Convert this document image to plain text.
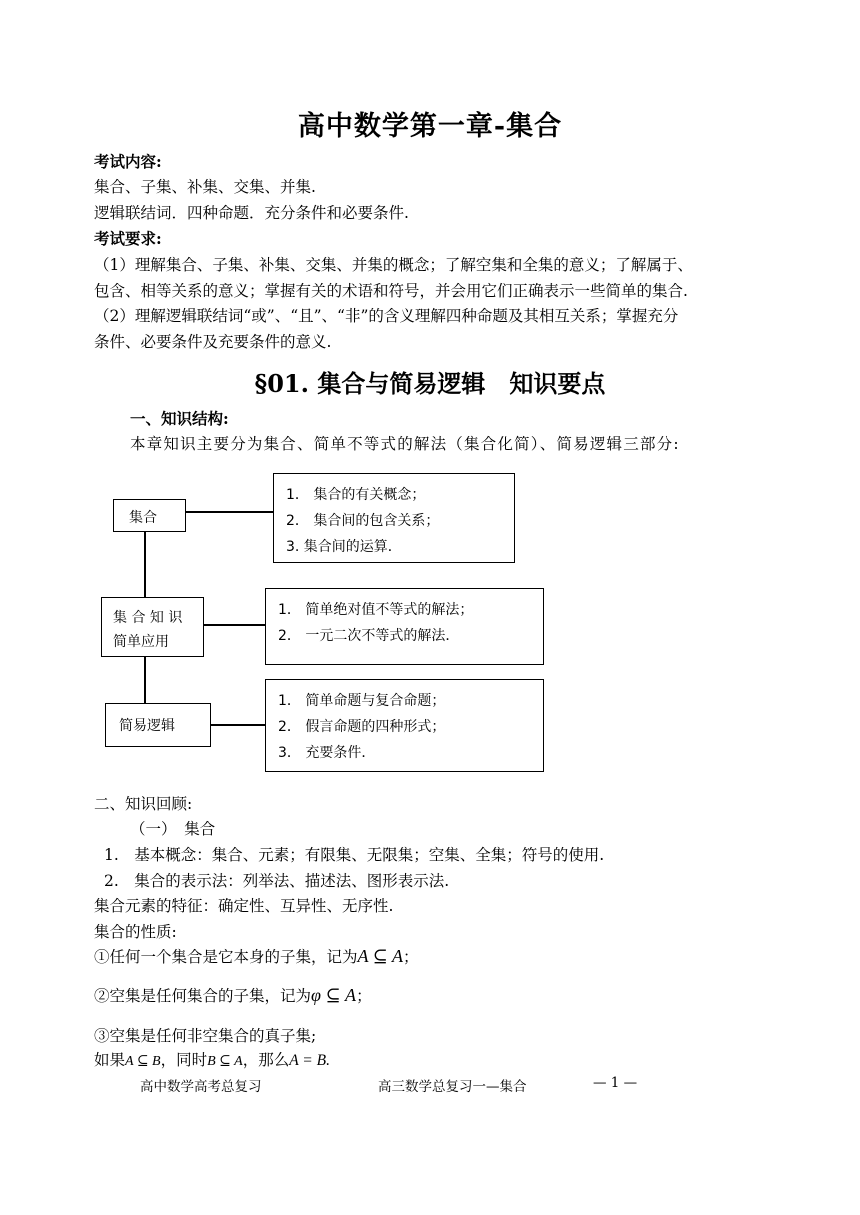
高中数学第一章-集合
考试内容:
集合、子集、补集、交集、并集.
逻辑联结词．四种命题．充分条件和必要条件.
考试要求:
（1）理解集合、子集、补集、交集、并集的概念；了解空集和全集的意义；了解属于、
包含、相等关系的意义；掌握有关的术语和符号，并会用它们正确表示一些简单的集合.
（2）理解逻辑联结词“或”、“且”、“非”的含义理解四种命题及其相互关系；掌握充分
条件、必要条件及充要条件的意义.
§01. 集合与简易逻辑　知识要点
一、知识结构:
本章知识主要分为集合、简单不等式的解法（集合化简）、简易逻辑三部分:
集合
1． 集合的有关概念；
2． 集合间的包含关系；
3. 集合间的运算．
集 合 知 识
简单应用
1． 简单绝对值不等式的解法；
2． 一元二次不等式的解法．
简易逻辑
1． 简单命题与复合命题；
2． 假言命题的四种形式；
3． 充要条件．
二、知识回顾:
（一）　集合
1.　基本概念：集合、元素；有限集、无限集；空集、全集；符号的使用.
2.　集合的表示法：列举法、描述法、图形表示法.
集合元素的特征：确定性、互异性、无序性.
集合的性质:
①任何一个集合是它本身的子集，记为A ⊆ A；
②空集是任何集合的子集，记为φ ⊆ A；
③空集是任何非空集合的真子集;
如果A ⊆ B，同时B ⊆ A，那么A = B.
高中数学高考总复习	高三数学总复习一—集合	— 1 —
